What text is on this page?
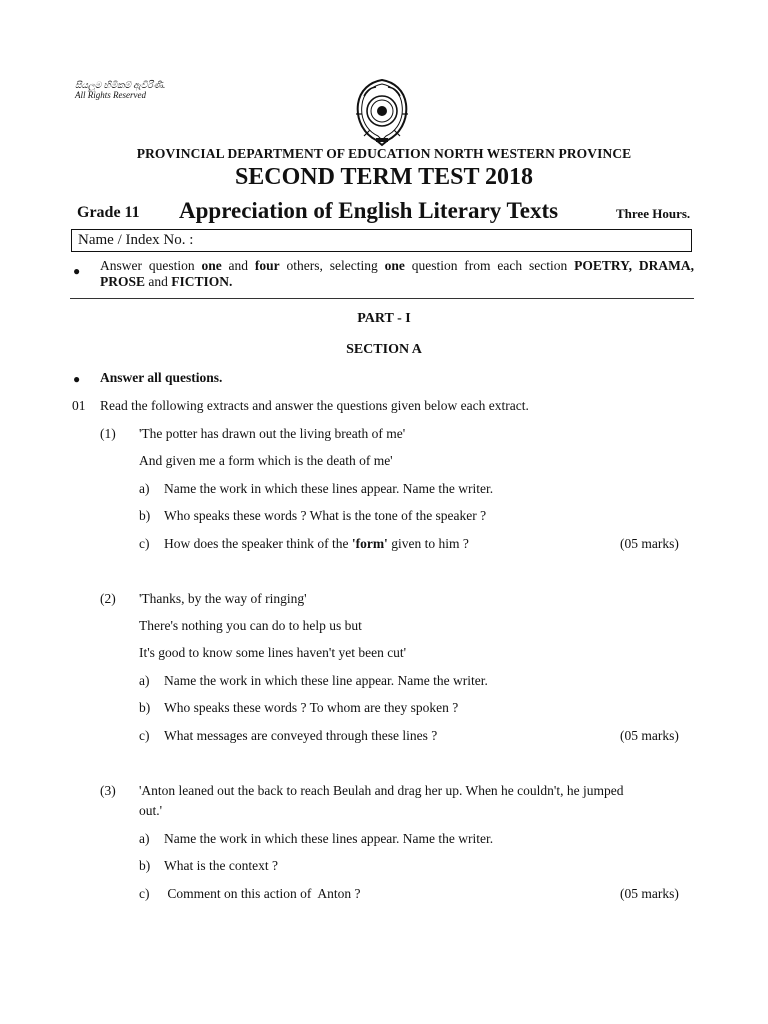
සියලුම හිමිකම් ඇවිරිණි.
All Rights Reserved
PROVINCIAL DEPARTMENT OF EDUCATION NORTH WESTERN PROVINCE
SECOND TERM TEST 2018
Grade 11 Appreciation of English Literary Texts	Three Hours.
Name / Index No. :
● Answer question one and four others, selecting one question from each section POETRY, DRAMA, PROSE and FICTION.
PART - I
SECTION A
● Answer all questions.
01 Read the following extracts and answer the questions given below each extract.
(1) 'The potter has drawn out the living breath of me'
And given me a form which is the death of me'
a) Name the work in which these lines appear. Name the writer.
b) Who speaks these words ? What is the tone of the speaker ?
c) How does the speaker think of the 'form' given to him ?	(05 marks)
(2) 'Thanks, by the way of ringing'
There's nothing you can do to help us but
It's good to know some lines haven't yet been cut'
a) Name the work in which these line appear. Name the writer.
b) Who speaks these words ? To whom are they spoken ?
c) What messages are conveyed through these lines ?	(05 marks)
(3) 'Anton leaned out the back to reach Beulah and drag her up. When he couldn't, he jumped
out.'
a) Name the work in which these lines appear. Name the writer.
b) What is the context ?
c) Comment on this action of  Anton ?	(05 marks)
